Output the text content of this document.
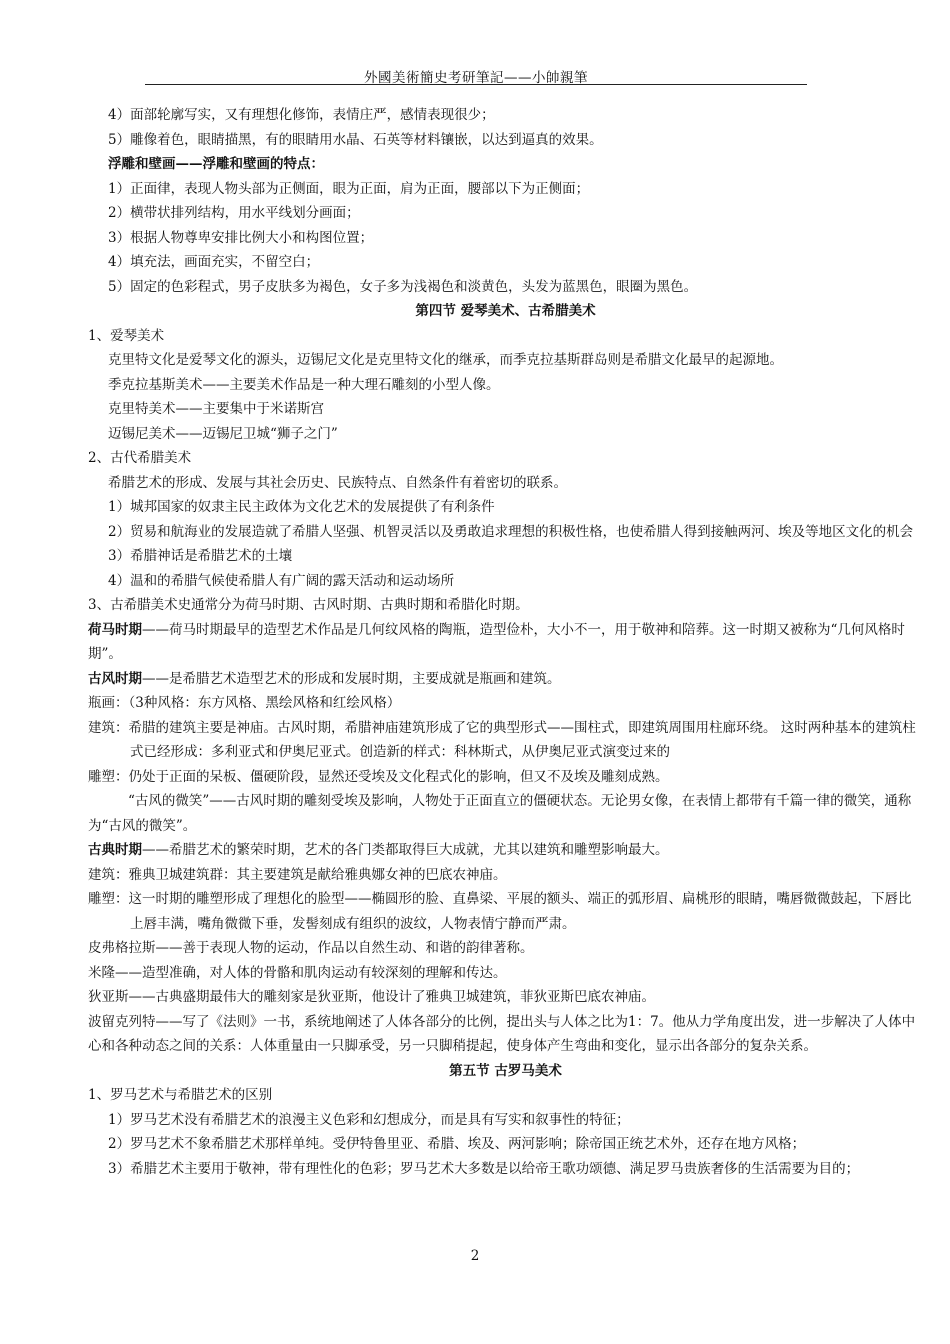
外國美術簡史考研筆記——小帥親筆
4）面部轮廓写实，又有理想化修饰，表情庄严，感情表现很少；
5）雕像着色，眼睛描黑，有的眼睛用水晶、石英等材料镶嵌，以达到逼真的效果。
浮雕和壁画——浮雕和壁画的特点：
1）正面律，表现人物头部为正侧面，眼为正面，肩为正面，腰部以下为正侧面；
2）横带状排列结构，用水平线划分画面；
3）根据人物尊卑安排比例大小和构图位置；
4）填充法，画面充实，不留空白；
5）固定的色彩程式，男子皮肤多为褐色，女子多为浅褐色和淡黄色，头发为蓝黑色，眼圈为黑色。
第四节 爱琴美术、古希腊美术
1、爱琴美术
克里特文化是爱琴文化的源头，迈锡尼文化是克里特文化的继承，而季克拉基斯群岛则是希腊文化最早的起源地。
季克拉基斯美术——主要美术作品是一种大理石雕刻的小型人像。
克里特美术——主要集中于米诺斯宫
迈锡尼美术——迈锡尼卫城“狮子之门”
2、古代希腊美术
希腊艺术的形成、发展与其社会历史、民族特点、自然条件有着密切的联系。
1）城邦国家的奴隶主民主政体为文化艺术的发展提供了有利条件
2）贸易和航海业的发展造就了希腊人坚强、机智灵活以及勇敢追求理想的积极性格，也使希腊人得到接触两河、埃及等地区文化的机会
3）希腊神话是希腊艺术的土壤
4）温和的希腊气候使希腊人有广阔的露天活动和运动场所
3、古希腊美术史通常分为荷马时期、古风时期、古典时期和希腊化时期。
荷马时期——荷马时期最早的造型艺术作品是几何纹风格的陶瓶，造型俭朴，大小不一，用于敬神和陪葬。这一时期又被称为“几何风格时期”。
古风时期——是希腊艺术造型艺术的形成和发展时期，主要成就是瓶画和建筑。
瓶画：（3种风格：东方风格、黑绘风格和红绘风格）
建筑：希腊的建筑主要是神庙。古风时期，希腊神庙建筑形成了它的典型形式——围柱式，即建筑周围用柱廊环绕。 这时两种基本的建筑柱式已经形成：多利亚式和伊奥尼亚式。创造新的样式：科林斯式，从伊奥尼亚式演变过来的
雕塑：仍处于正面的呆板、僵硬阶段，显然还受埃及文化程式化的影响，但又不及埃及雕刻成熟。
“古风的微笑”——古风时期的雕刻受埃及影响，人物处于正面直立的僵硬状态。无论男女像，在表情上都带有千篇一律的微笑，通称为“古风的微笑”。
古典时期——希腊艺术的繁荣时期，艺术的各门类都取得巨大成就，尤其以建筑和雕塑影响最大。
建筑：雅典卫城建筑群：其主要建筑是献给雅典娜女神的巴底农神庙。
雕塑：这一时期的雕塑形成了理想化的脸型——椭圆形的脸、直鼻梁、平展的额头、端正的弧形眉、扁桃形的眼睛，嘴唇微微鼓起，下唇比上唇丰满，嘴角微微下垂，发髻刻成有组织的波纹，人物表情宁静而严肃。
皮弗格拉斯——善于表现人物的运动，作品以自然生动、和谐的韵律著称。
米隆——造型准确，对人体的骨骼和肌肉运动有较深刻的理解和传达。
狄亚斯——古典盛期最伟大的雕刻家是狄亚斯，他设计了雅典卫城建筑，菲狄亚斯巴底农神庙。
波留克列特——写了《法则》一书，系统地阐述了人体各部分的比例，提出头与人体之比为1：7。他从力学角度出发，进一步解决了人体中心和各种动态之间的关系：人体重量由一只脚承受，另一只脚稍提起，使身体产生弯曲和变化，显示出各部分的复杂关系。
第五节 古罗马美术
1、罗马艺术与希腊艺术的区别
1）罗马艺术没有希腊艺术的浪漫主义色彩和幻想成分，而是具有写实和叙事性的特征；
2）罗马艺术不象希腊艺术那样单纯。受伊特鲁里亚、希腊、埃及、两河影响；除帝国正统艺术外，还存在地方风格；
3）希腊艺术主要用于敬神，带有理性化的色彩；罗马艺术大多数是以给帝王歌功颂德、满足罗马贵族奢侈的生活需要为目的；
2
